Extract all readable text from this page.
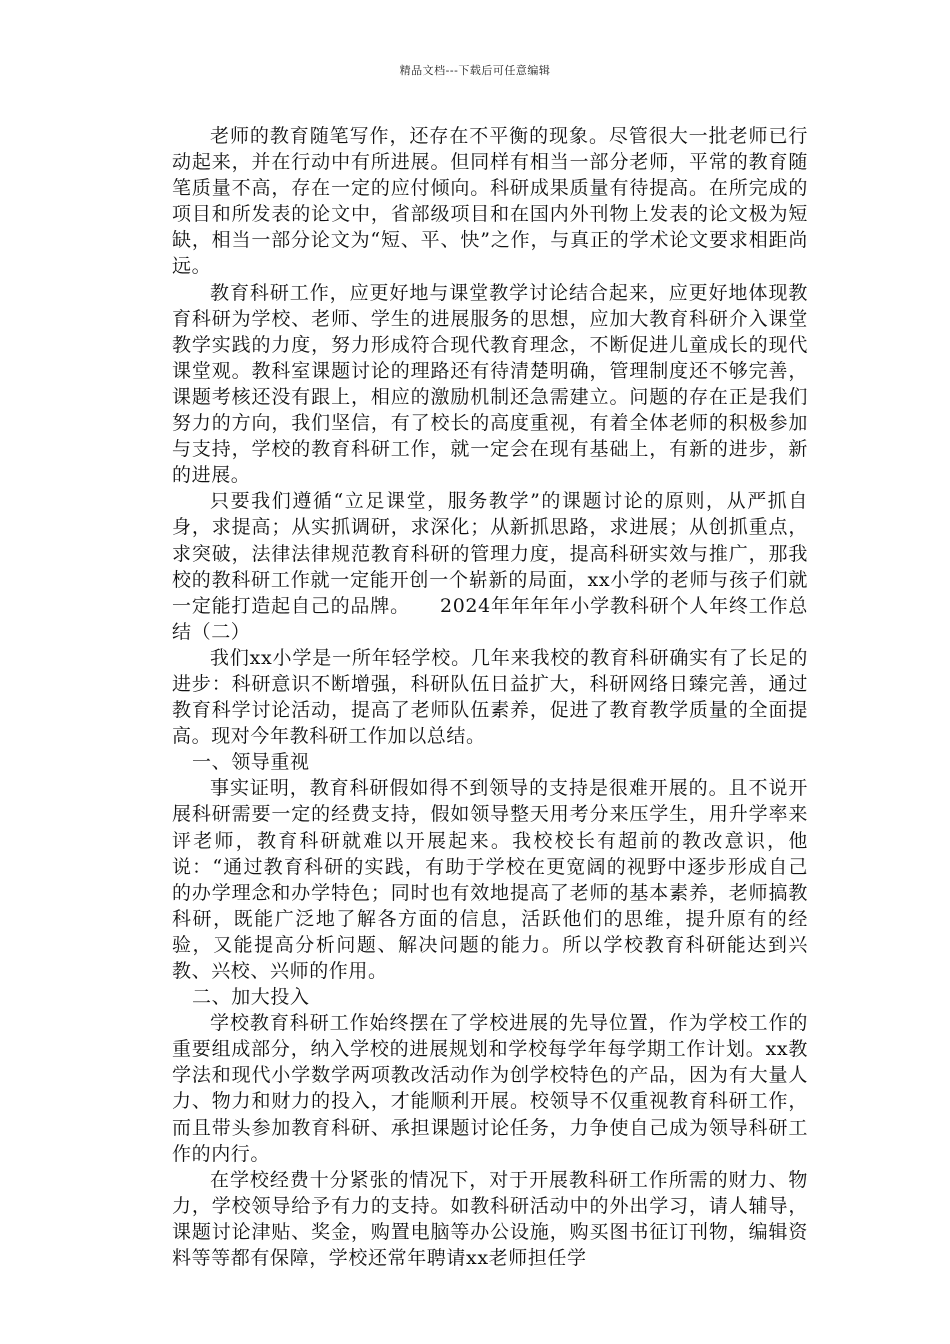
精品文档---下载后可任意编辑

老师的教育随笔写作，还存在不平衡的现象。尽管很大一批老师已行动起来，并在行动中有所进展。但同样有相当一部分老师，平常的教育随笔质量不高，存在一定的应付倾向。科研成果质量有待提高。在所完成的项目和所发表的论文中，省部级项目和在国内外刊物上发表的论文极为短缺，相当一部分论文为“短、平、快”之作，与真正的学术论文要求相距尚远。

教育科研工作，应更好地与课堂教学讨论结合起来，应更好地体现教育科研为学校、老师、学生的进展服务的思想，应加大教育科研介入课堂教学实践的力度，努力形成符合现代教育理念，不断促进儿童成长的现代课堂观。教科室课题讨论的理路还有待清楚明确，管理制度还不够完善，课题考核还没有跟上，相应的激励机制还急需建立。问题的存在正是我们努力的方向，我们坚信，有了校长的高度重视，有着全体老师的积极参加与支持，学校的教育科研工作，就一定会在现有基础上，有新的进步，新的进展。

只要我们遵循“立足课堂，服务教学”的课题讨论的原则，从严抓自身，求提高；从实抓调研，求深化；从新抓思路，求进展；从创抓重点，求突破，法律法律规范教育科研的管理力度，提高科研实效与推广，那我校的教科研工作就一定能开创一个崭新的局面，xx小学的老师与孩子们就一定能打造起自己的品牌。　　2024年年年年小学教科研个人年终工作总结（二）

我们xx小学是一所年轻学校。几年来我校的教育科研确实有了长足的进步：科研意识不断增强，科研队伍日益扩大，科研网络日臻完善，通过教育科学讨论活动，提高了老师队伍素养，促进了教育教学质量的全面提高。现对今年教科研工作加以总结。

一、领导重视

事实证明，教育科研假如得不到领导的支持是很难开展的。且不说开展科研需要一定的经费支持，假如领导整天用考分来压学生，用升学率来评老师，教育科研就难以开展起来。我校校长有超前的教改意识，他说：“通过教育科研的实践，有助于学校在更宽阔的视野中逐步形成自己的办学理念和办学特色；同时也有效地提高了老师的基本素养，老师搞教科研，既能广泛地了解各方面的信息，活跃他们的思维，提升原有的经验，又能提高分析问题、解决问题的能力。所以学校教育科研能达到兴教、兴校、兴师的作用。

二、加大投入

学校教育科研工作始终摆在了学校进展的先导位置，作为学校工作的重要组成部分，纳入学校的进展规划和学校每学年每学期工作计划。xx教学法和现代小学数学两项教改活动作为创学校特色的产品，因为有大量人力、物力和财力的投入，才能顺利开展。校领导不仅重视教育科研工作，而且带头参加教育科研、承担课题讨论任务，力争使自己成为领导科研工作的内行。

在学校经费十分紧张的情况下，对于开展教科研工作所需的财力、物力，学校领导给予有力的支持。如教科研活动中的外出学习，请人辅导，课题讨论津贴、奖金，购置电脑等办公设施，购买图书征订刊物，编辑资料等等都有保障，学校还常年聘请xx老师担任学
